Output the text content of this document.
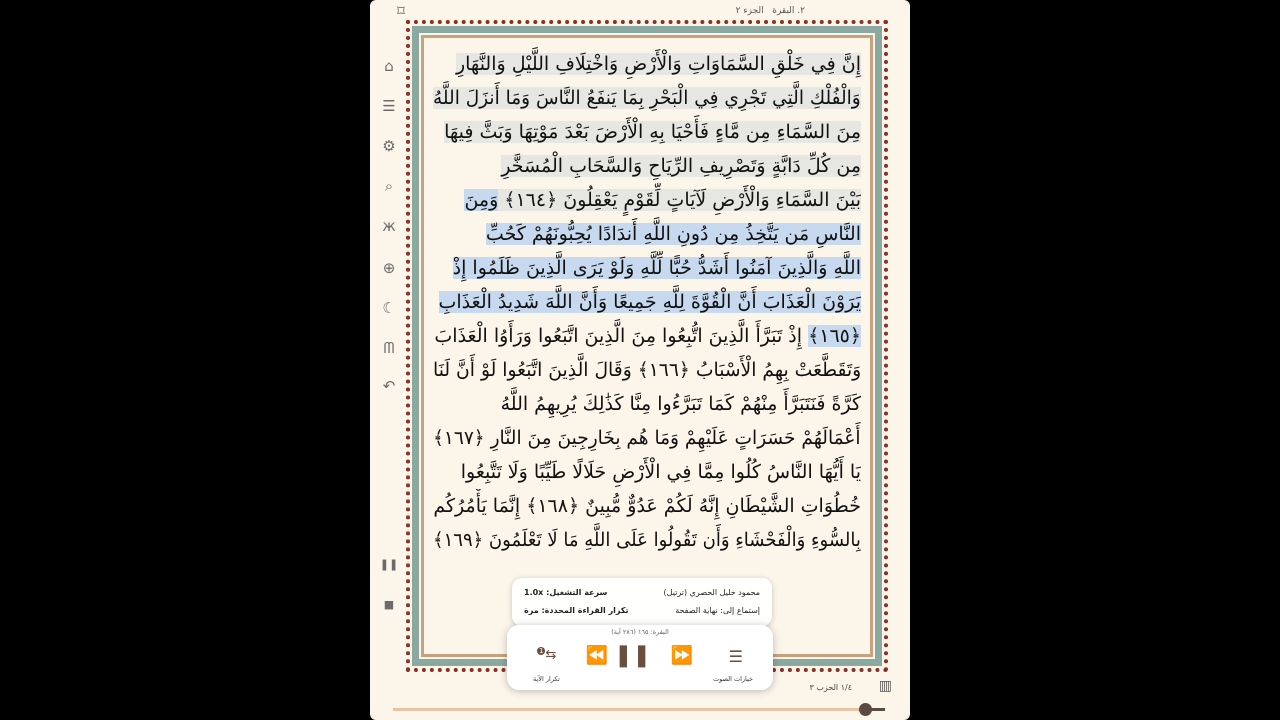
٢. البقرة   الجزء ٢
⌑
⌂
☰
⚙
⌕
ж
⊕
☾
ᗰ
↶
❚❚
■
إِنَّ فِي خَلْقِ السَّمَاوَاتِ وَالْأَرْضِ وَاخْتِلَافِ اللَّيْلِ وَالنَّهَارِ
وَالْفُلْكِ الَّتِي تَجْرِي فِي الْبَحْرِ بِمَا يَنفَعُ النَّاسَ وَمَا أَنزَلَ اللَّهُ
مِنَ السَّمَاءِ مِن مَّاءٍ فَأَحْيَا بِهِ الْأَرْضَ بَعْدَ مَوْتِهَا وَبَثَّ فِيهَا
مِن كُلِّ دَابَّةٍ وَتَصْرِيفِ الرِّيَاحِ وَالسَّحَابِ الْمُسَخَّرِ
بَيْنَ السَّمَاءِ وَالْأَرْضِ لَآيَاتٍ لِّقَوْمٍ يَعْقِلُونَ ﴿١٦٤﴾ وَمِنَ
النَّاسِ مَن يَتَّخِذُ مِن دُونِ اللَّهِ أَندَادًا يُحِبُّونَهُمْ كَحُبِّ
اللَّهِ وَالَّذِينَ آمَنُوا أَشَدُّ حُبًّا لِّلَّهِ وَلَوْ يَرَى الَّذِينَ ظَلَمُوا إِذْ
يَرَوْنَ الْعَذَابَ أَنَّ الْقُوَّةَ لِلَّهِ جَمِيعًا وَأَنَّ اللَّهَ شَدِيدُ الْعَذَابِ
﴿١٦٥﴾ إِذْ تَبَرَّأَ الَّذِينَ اتُّبِعُوا مِنَ الَّذِينَ اتَّبَعُوا وَرَأَوُا الْعَذَابَ
وَتَقَطَّعَتْ بِهِمُ الْأَسْبَابُ ﴿١٦٦﴾ وَقَالَ الَّذِينَ اتَّبَعُوا لَوْ أَنَّ لَنَا
كَرَّةً فَنَتَبَرَّأَ مِنْهُمْ كَمَا تَبَرَّءُوا مِنَّا كَذَٰلِكَ يُرِيهِمُ اللَّهُ
أَعْمَالَهُمْ حَسَرَاتٍ عَلَيْهِمْ وَمَا هُم بِخَارِجِينَ مِنَ النَّارِ ﴿١٦٧﴾
يَا أَيُّهَا النَّاسُ كُلُوا مِمَّا فِي الْأَرْضِ حَلَالًا طَيِّبًا وَلَا تَتَّبِعُوا
خُطُوَاتِ الشَّيْطَانِ إِنَّهُ لَكُمْ عَدُوٌّ مُّبِينٌ ﴿١٦٨﴾ إِنَّمَا يَأْمُرُكُم
بِالسُّوءِ وَالْفَحْشَاءِ وَأَن تَقُولُوا عَلَى اللَّهِ مَا لَا تَعْلَمُونَ ﴿١٦٩﴾
محمود خليل الحصري (ترتيل)
سرعة التشغيل: 1.0x
إستماع إلى: نهاية الصفحة
تكرار القراءة المحددة: مرة
البقرة: ١٦٥ (٢٨٦ آية)
☰
خيارات الصوت
⏩
❚❚
⏪
⇆$^1$
تكرار الآية
١/٤ الحزب ٣ ▥
